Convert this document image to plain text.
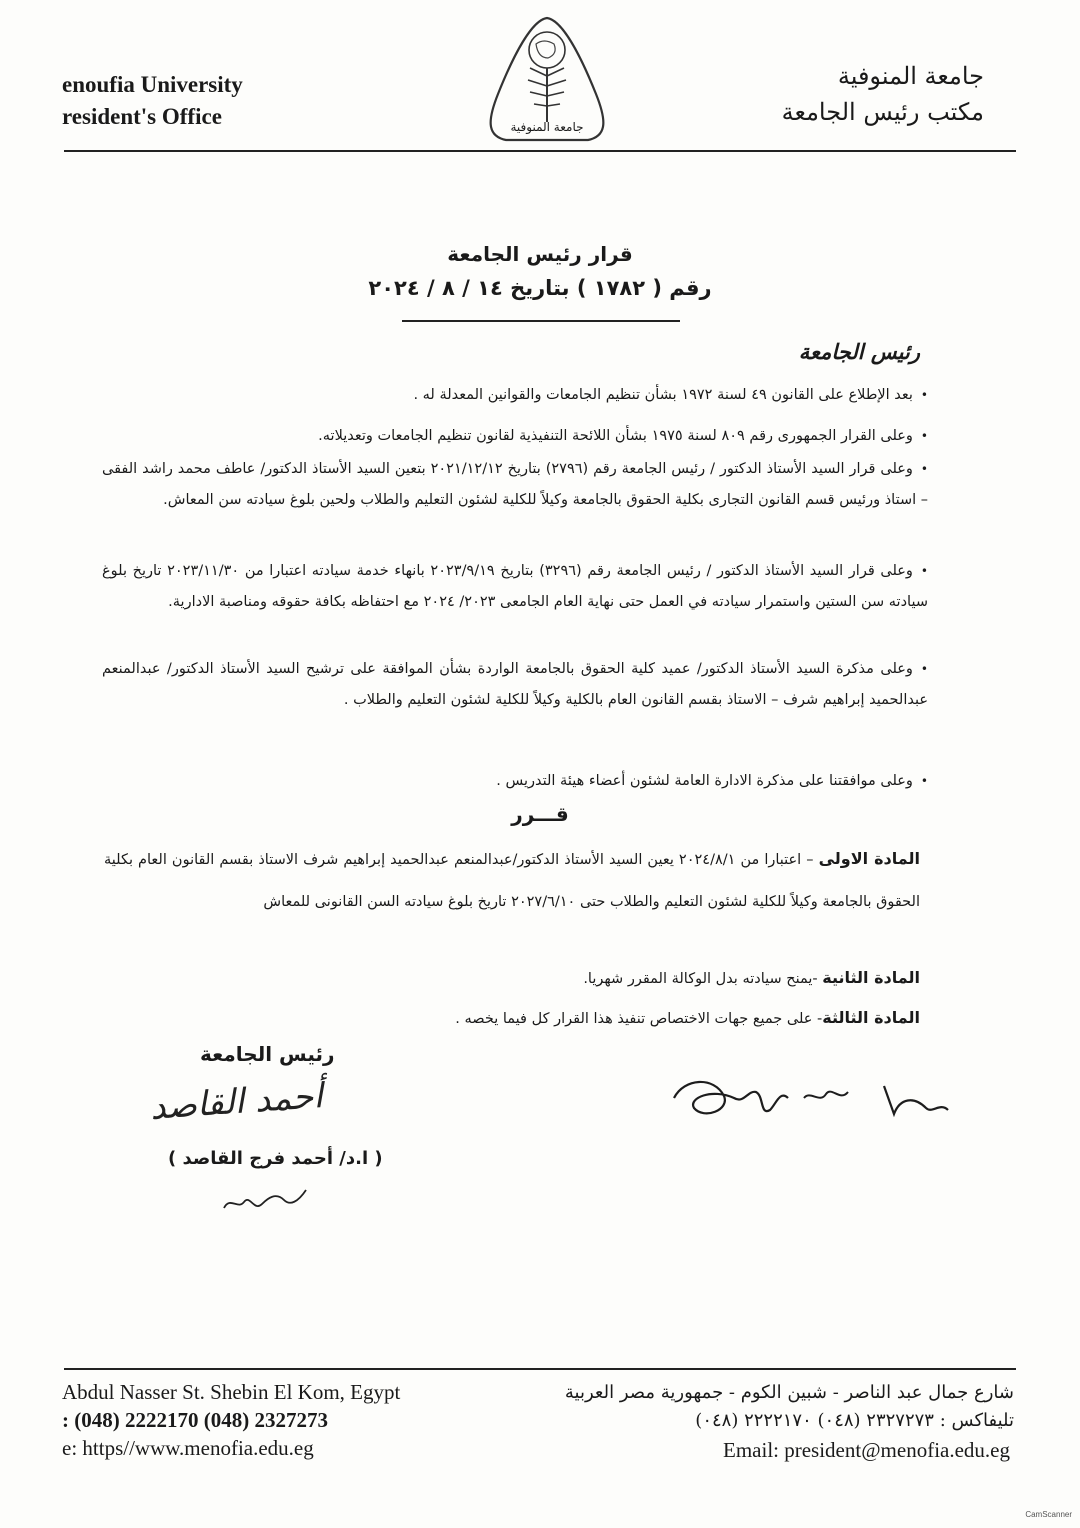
enoufia University
resident's Office	جامعة المنوفية
جامعة المنوفية
مكتب رئيس الجامعة
قرار رئيس الجامعة
رقم ( ١٧٨٢ ) بتاريخ ١٤ / ٨ / ٢٠٢٤
رئيس الجامعة
•بعد الإطلاع على القانون ٤٩ لسنة ١٩٧٢ بشأن تنظيم الجامعات والقوانين المعدلة له .
•وعلى القرار الجمهورى رقم ٨٠٩ لسنة ١٩٧٥ بشأن اللائحة التنفيذية لقانون تنظيم الجامعات وتعديلاته.
•وعلى قرار السيد الأستاذ الدكتور / رئيس الجامعة رقم (٢٧٩٦) بتاريخ ٢٠٢١/١٢/١٢ بتعين السيد الأستاذ الدكتور/ عاطف محمد راشد الفقى – استاذ ورئيس قسم القانون التجارى بكلية الحقوق بالجامعة وكيلاً للكلية لشئون التعليم والطلاب ولحين بلوغ سيادته سن المعاش.
•وعلى قرار السيد الأستاذ الدكتور / رئيس الجامعة رقم (٣٢٩٦) بتاريخ ٢٠٢٣/٩/١٩ بانهاء خدمة سيادته اعتبارا من ٢٠٢٣/١١/٣٠ تاريخ بلوغ سيادته سن الستين واستمرار سيادته في العمل حتى نهاية العام الجامعى ٢٠٢٣/ ٢٠٢٤ مع احتفاظه بكافة حقوقه ومناصبة الادارية.
•وعلى مذكرة السيد الأستاذ الدكتور/ عميد كلية الحقوق بالجامعة الواردة بشأن الموافقة على ترشيح السيد الأستاذ الدكتور/ عبدالمنعم عبدالحميد إبراهيم شرف – الاستاذ بقسم القانون العام بالكلية وكيلاً للكلية لشئون التعليم والطلاب .
•وعلى موافقتنا على مذكرة الادارة العامة لشئون أعضاء هيئة التدريس .
قـــرر
المادة الاولى – اعتبارا من ٢٠٢٤/٨/١ يعين السيد الأستاذ الدكتور/عبدالمنعم عبدالحميد إبراهيم شرف الاستاذ بقسم القانون العام بكلية الحقوق بالجامعة وكيلاً للكلية لشئون التعليم والطلاب حتى ٢٠٢٧/٦/١٠ تاريخ بلوغ سيادته السن القانونى للمعاش
المادة الثانية -يمنح سيادته بدل الوكالة المقرر شهريا.
المادة الثالثة- على جميع جهات الاختصاص تنفيذ هذا القرار كل فيما يخصه .
رئيس الجامعة
أحمد القاصد
( ا.د/ أحمد فرج القاصد )
Abdul Nasser St. Shebin El Kom, Egypt
: (048) 2222170 (048) 2327273
e: https//www.menofia.edu.eg
شارع جمال عبد الناصر - شبين الكوم - جمهورية مصر العربية
تليفاكس : ٢٣٢٧٢٧٣ (٠٤٨) ٢٢٢٢١٧٠ (٠٤٨)
Email: president@menofia.edu.eg
CamScanner
